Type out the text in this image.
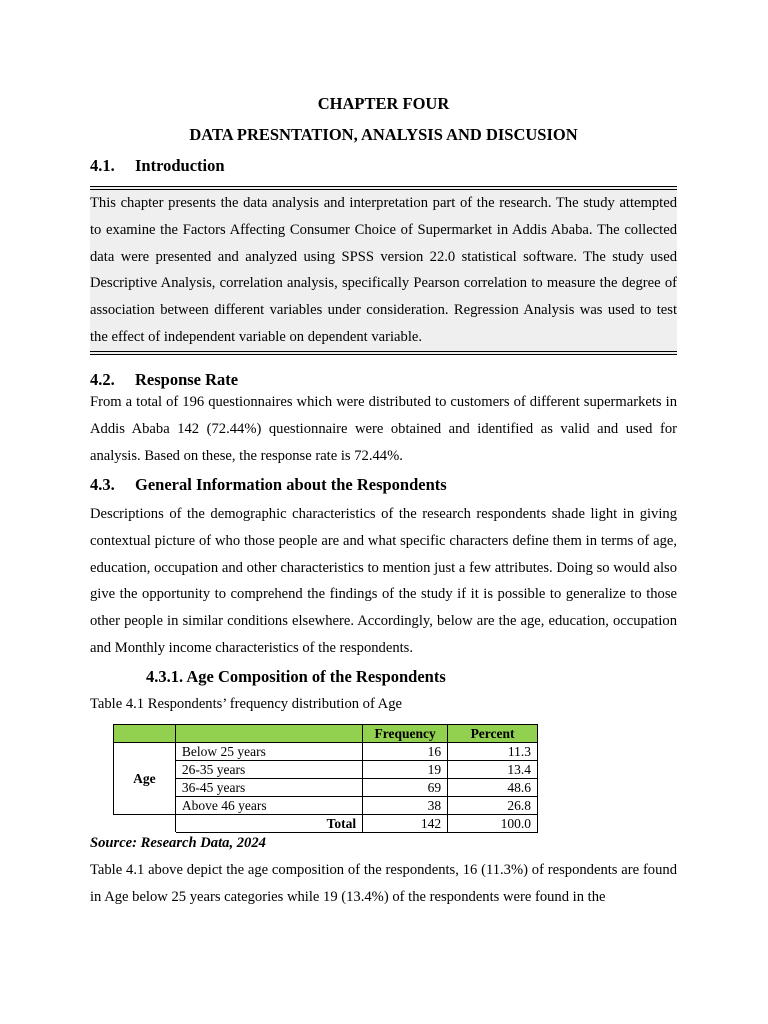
CHAPTER FOUR
DATA PRESNTATION, ANALYSIS AND DISCUSION
4.1. Introduction
This chapter presents the data analysis and interpretation part of the research. The study attempted to examine the Factors Affecting Consumer Choice of Supermarket in Addis Ababa. The collected data were presented and analyzed using SPSS version 22.0 statistical software. The study used Descriptive Analysis, correlation analysis, specifically Pearson correlation to measure the degree of association between different variables under consideration. Regression Analysis was used to test the effect of independent variable on dependent variable.
4.2. Response Rate
From a total of 196 questionnaires which were distributed to customers of different supermarkets in Addis Ababa 142 (72.44%) questionnaire were obtained and identified as valid and used for analysis. Based on these, the response rate is 72.44%.
4.3. General Information about the Respondents
Descriptions of the demographic characteristics of the research respondents shade light in giving contextual picture of who those people are and what specific characters define them in terms of age, education, occupation and other characteristics to mention just a few attributes. Doing so would also give the opportunity to comprehend the findings of the study if it is possible to generalize to those other people in similar conditions elsewhere. Accordingly, below are the age, education, occupation and Monthly income characteristics of the respondents.
4.3.1. Age Composition of the Respondents
Table 4.1 Respondents’ frequency distribution of Age
		Frequency	Percent
Age	Below 25 years	16	11.3
	26-35 years	19	13.4
	36-45 years	69	48.6
	Above 46 years	38	26.8
	Total	142	100.0
Source: Research Data, 2024
Table 4.1 above depict the age composition of the respondents, 16 (11.3%) of respondents are found in Age below 25 years categories while 19 (13.4%) of the respondents were found in the
